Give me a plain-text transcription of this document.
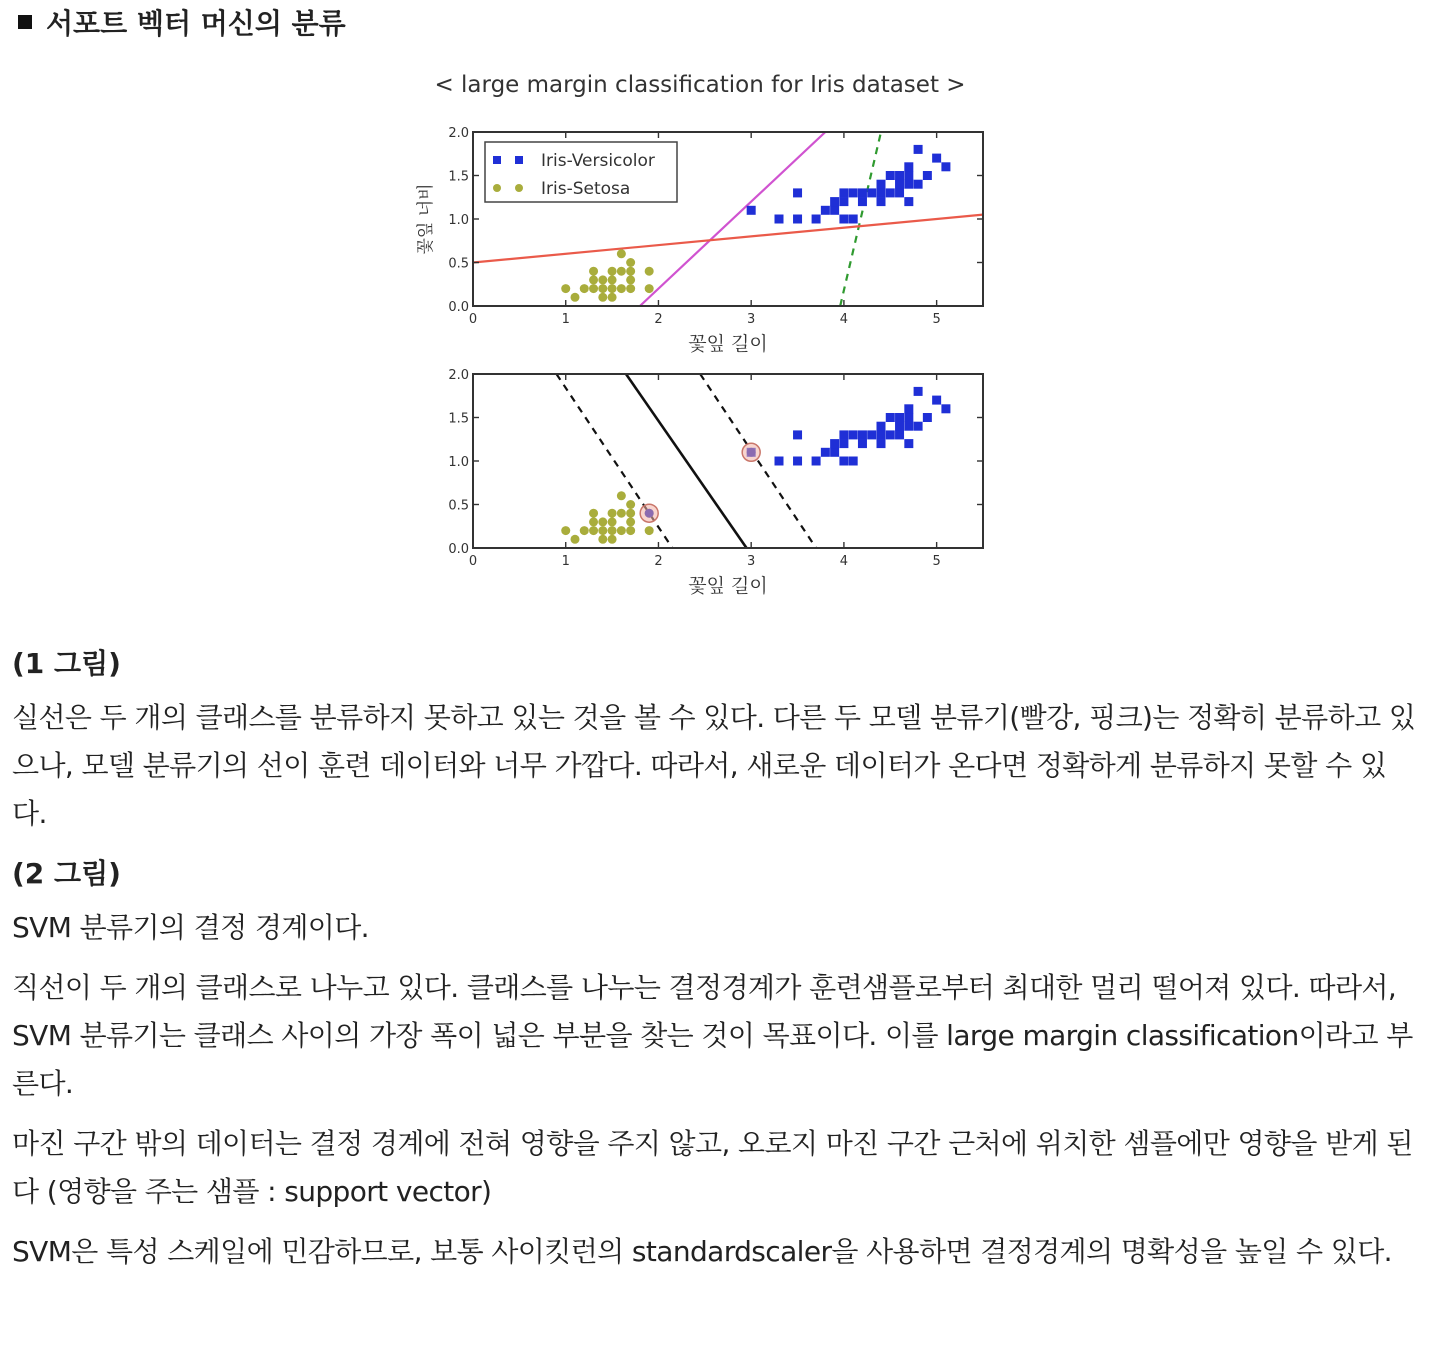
서포트 벡터 머신의 분류
< large margin classification for Iris dataset >
0	1	2	3	4	5
0.0
0.5
1.0
1.5
2.0
꽃잎 길이
꽃잎 너비
Iris-Versicolor
Iris-Setosa
0	1	2	3	4	5
0.0
0.5
1.0
1.5
2.0
꽃잎 길이
(1 그림)
실선은 두 개의 클래스를 분류하지 못하고 있는 것을 볼 수 있다. 다른 두 모델 분류기(빨강, 핑크)는 정확히 분류하고 있으나, 모델 분류기의 선이 훈련 데이터와 너무 가깝다. 따라서, 새로운 데이터가 온다면 정확하게 분류하지 못할 수 있다.
(2 그림)
SVM 분류기의 결정 경계이다.
직선이 두 개의 클래스로 나누고 있다. 클래스를 나누는 결정경계가 훈련샘플로부터 최대한 멀리 떨어져 있다. 따라서, SVM 분류기는 클래스 사이의 가장 폭이 넓은 부분을 찾는 것이 목표이다. 이를 large margin classification이라고 부른다.
마진 구간 밖의 데이터는 결정 경계에 전혀 영향을 주지 않고, 오로지 마진 구간 근처에 위치한 셈플에만 영향을 받게 된다 (영향을 주는 샘플 : support vector)
SVM은 특성 스케일에 민감하므로, 보통 사이킷런의 standardscaler을 사용하면 결정경계의 명확성을 높일 수 있다.
